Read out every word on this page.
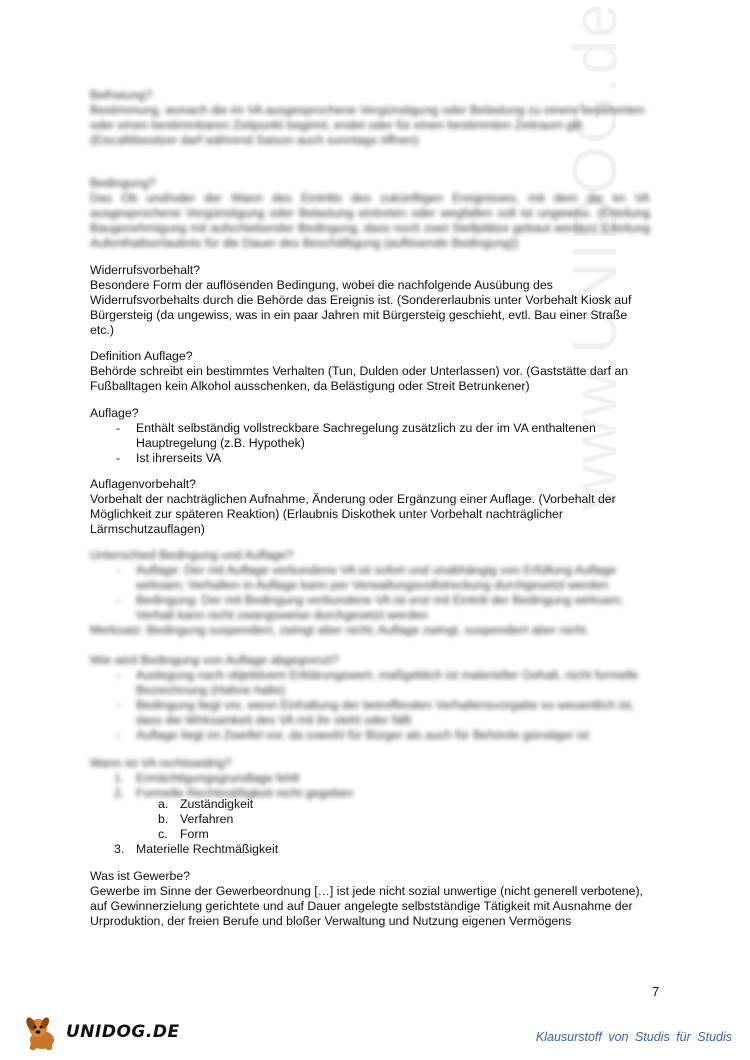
www.UNIDOG.de

Befristung?

Bestimmung, wonach die im VA ausgesprochene Vergünstigung oder Belastung zu einem bestimmten oder einen bestimmbaren Zeitpunkt beginnt, endet oder für einen bestimmten Zeitraum gilt. (Eiscafébesitzer darf während Saison auch sonntags öffnen)

Bedingung?

Das Ob und/oder der Wann des Eintritts des zukünftigen Ereignisses, mit dem die im VA ausgesprochene Vergünstigung oder Belastung eintreten oder wegfallen soll ist ungewiss. (Erteilung Baugenehmigung mit aufschiebender Bedingung, dass noch zwei Stellplätze gebaut werden/ Erteilung Aufenthaltserlaubnis für die Dauer des Beschäftigung (auflösende Bedingung))

Widerrufsvorbehalt?

Besondere Form der auflösenden Bedingung, wobei die nachfolgende Ausübung des Widerrufsvorbehalts durch die Behörde das Ereignis ist. (Sondererlaubnis unter Vorbehalt Kiosk auf Bürgersteig (da ungewiss, was in ein paar Jahren mit Bürgersteig geschieht, evtl. Bau einer Straße etc.)

Definition Auflage?

Behörde schreibt ein bestimmtes Verhalten (Tun, Dulden oder Unterlassen) vor. (Gaststätte darf an Fußballtagen kein Alkohol ausschenken, da Belästigung oder Streit Betrunkener)

Auflage?

- Enthält selbständig vollstreckbare Sachregelung zusätzlich zu der im VA enthaltenen Hauptregelung (z.B. Hypothek)
- Ist ihrerseits VA

Auflagenvorbehalt?

Vorbehalt der nachträglichen Aufnahme, Änderung oder Ergänzung einer Auflage. (Vorbehalt der Möglichkeit zur späteren Reaktion) (Erlaubnis Diskothek unter Vorbehalt nachträglicher Lärmschutzauflagen)

Unterschied Bedingung und Auflage?

- Auflage: Der mit Auflage verbundene VA ist sofort und unabhängig von Erfüllung Auflage wirksam; Verhalten in Auflage kann per Verwaltungsvollstreckung durchgesetzt werden
- Bedingung: Der mit Bedingung verbundene VA ist erst mit Eintritt der Bedingung wirksam; Verhalt kann nicht zwangsweise durchgesetzt werden

Merksatz: Bedingung suspendiert, zwingt aber nicht; Auflage zwingt, suspendiert aber nicht.

Wie wird Bedingung von Auflage abgegrenzt?

- Auslegung nach objektivem Erklärungswert, maßgeblich ist materieller Gehalt, nicht formelle Bezeichnung (Hahne halte)
- Bedingung liegt vor, wenn Einhaltung der betreffenden Verhaltensvorgabe so wesentlich ist, dass die Wirksamkeit des VA mit ihr steht oder fällt
- Auflage liegt im Zweifel vor, da sowohl für Bürger als auch für Behörde günstiger ist

Wann ist VA rechtswidrig?

1. Ermächtigungsgrundlage fehlt
2. Formelle Rechtmäßigkeit nicht gegeben
a. Zuständigkeit
b. Verfahren
c. Form
3. Materielle Rechtmäßigkeit

Was ist Gewerbe?

Gewerbe im Sinne der Gewerbeordnung […] ist jede nicht sozial unwertige (nicht generell verbotene), auf Gewinnerzielung gerichtete und auf Dauer angelegte selbstständige Tätigkeit mit Ausnahme der Urproduktion, der freien Berufe und bloßer Verwaltung und Nutzung eigenen Vermögens

7
UNIDOG.DE	Klausurstoff von Studis für Studis
